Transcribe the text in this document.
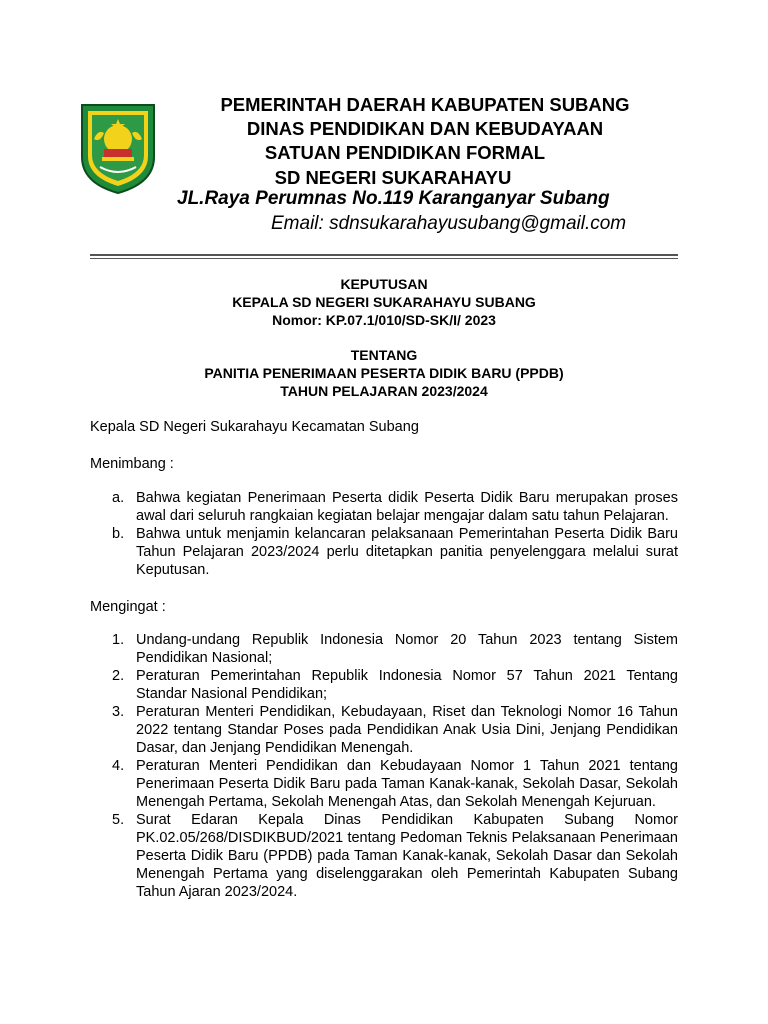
PEMERINTAH DAERAH KABUPATEN SUBANG
DINAS PENDIDIKAN DAN KEBUDAYAAN
SATUAN PENDIDIKAN FORMAL
SD NEGERI SUKARAHAYU
JL.Raya Perumnas No.119 Karanganyar Subang
Email: sdnsukarahayusubang@gmail.com
KEPUTUSAN
KEPALA SD NEGERI SUKARAHAYU SUBANG
Nomor: KP.07.1/010/SD-SK/I/ 2023
TENTANG
PANITIA PENERIMAAN PESERTA DIDIK BARU (PPDB)
TAHUN PELAJARAN 2023/2024
Kepala SD Negeri Sukarahayu Kecamatan Subang
Menimbang :
a. Bahwa kegiatan Penerimaan Peserta didik Peserta Didik Baru merupakan proses awal dari seluruh rangkaian kegiatan belajar mengajar dalam satu tahun Pelajaran.
b. Bahwa untuk menjamin kelancaran pelaksanaan Pemerintahan Peserta Didik Baru Tahun Pelajaran 2023/2024 perlu ditetapkan panitia penyelenggara melalui surat Keputusan.
Mengingat :
1. Undang-undang Republik Indonesia Nomor 20 Tahun 2023 tentang Sistem Pendidikan Nasional;
2. Peraturan Pemerintahan Republik Indonesia Nomor 57 Tahun 2021 Tentang Standar Nasional Pendidikan;
3. Peraturan Menteri Pendidikan, Kebudayaan, Riset dan Teknologi Nomor 16 Tahun 2022 tentang Standar Poses pada Pendidikan Anak Usia Dini, Jenjang Pendidikan Dasar, dan Jenjang Pendidikan Menengah.
4. Peraturan Menteri Pendidikan dan Kebudayaan Nomor 1 Tahun 2021 tentang Penerimaan Peserta Didik Baru pada Taman Kanak-kanak, Sekolah Dasar, Sekolah Menengah Pertama, Sekolah Menengah Atas, dan Sekolah Menengah Kejuruan.
5. Surat Edaran Kepala Dinas Pendidikan Kabupaten Subang Nomor PK.02.05/268/DISDIKBUD/2021 tentang Pedoman Teknis Pelaksanaan Penerimaan Peserta Didik Baru (PPDB) pada Taman Kanak-kanak, Sekolah Dasar dan Sekolah Menengah Pertama yang diselenggarakan oleh Pemerintah Kabupaten Subang Tahun Ajaran 2023/2024.
